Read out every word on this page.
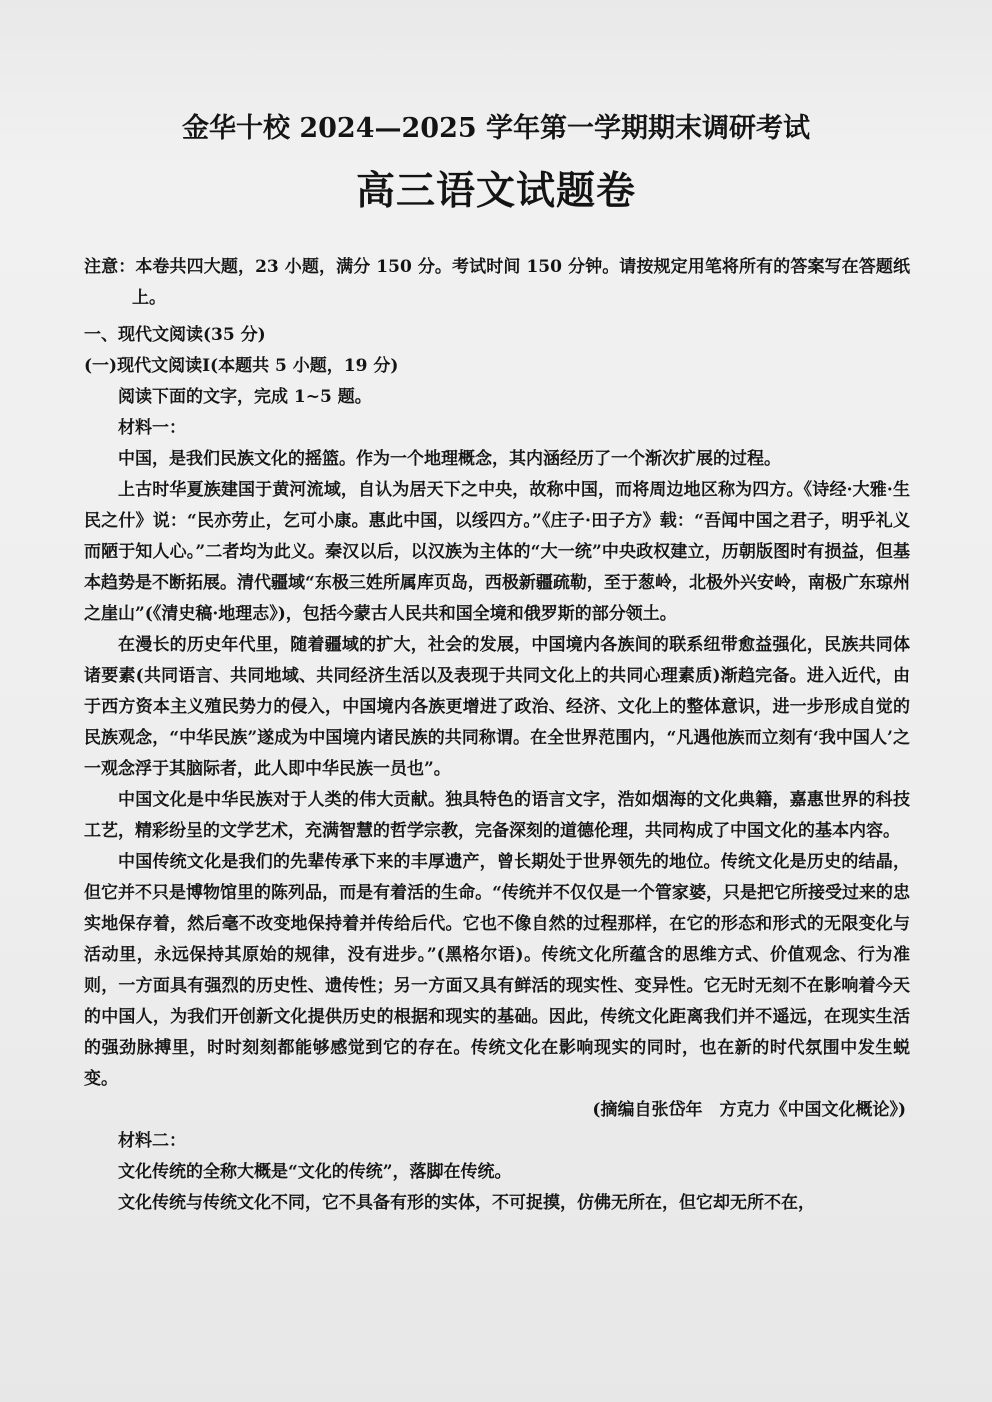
金华十校 2024—2025 学年第一学期期末调研考试
高三语文试题卷

注意：本卷共四大题，23 小题，满分 150 分。考试时间 150 分钟。请按规定用笔将所有的答案写在答题纸上。

一、现代文阅读(35 分)

(一)现代文阅读Ⅰ(本题共 5 小题，19 分)

阅读下面的文字，完成 1~5 题。

材料一：

中国，是我们民族文化的摇篮。作为一个地理概念，其内涵经历了一个渐次扩展的过程。

上古时华夏族建国于黄河流域，自认为居天下之中央，故称中国，而将周边地区称为四方。《诗经·大雅·生民之什》说：“民亦劳止，乞可小康。惠此中国，以绥四方。”《庄子·田子方》载：“吾闻中国之君子，明乎礼义而陋于知人心。”二者均为此义。秦汉以后，以汉族为主体的“大一统”中央政权建立，历朝版图时有损益，但基本趋势是不断拓展。清代疆域“东极三姓所属库页岛，西极新疆疏勒，至于葱岭，北极外兴安岭，南极广东琼州之崖山”(《清史稿·地理志》)，包括今蒙古人民共和国全境和俄罗斯的部分领土。

在漫长的历史年代里，随着疆域的扩大，社会的发展，中国境内各族间的联系纽带愈益强化，民族共同体诸要素(共同语言、共同地域、共同经济生活以及表现于共同文化上的共同心理素质)渐趋完备。进入近代，由于西方资本主义殖民势力的侵入，中国境内各族更增进了政治、经济、文化上的整体意识，进一步形成自觉的民族观念，“中华民族”遂成为中国境内诸民族的共同称谓。在全世界范围内，“凡遇他族而立刻有‘我中国人’之一观念浮于其脑际者，此人即中华民族一员也”。

中国文化是中华民族对于人类的伟大贡献。独具特色的语言文字，浩如烟海的文化典籍，嘉惠世界的科技工艺，精彩纷呈的文学艺术，充满智慧的哲学宗教，完备深刻的道德伦理，共同构成了中国文化的基本内容。

中国传统文化是我们的先辈传承下来的丰厚遗产，曾长期处于世界领先的地位。传统文化是历史的结晶，但它并不只是博物馆里的陈列品，而是有着活的生命。“传统并不仅仅是一个管家婆，只是把它所接受过来的忠实地保存着，然后毫不改变地保持着并传给后代。它也不像自然的过程那样，在它的形态和形式的无限变化与活动里，永远保持其原始的规律，没有进步。”(黑格尔语)。传统文化所蕴含的思维方式、价值观念、行为准则，一方面具有强烈的历史性、遗传性；另一方面又具有鲜活的现实性、变异性。它无时无刻不在影响着今天的中国人，为我们开创新文化提供历史的根据和现实的基础。因此，传统文化距离我们并不遥远，在现实生活的强劲脉搏里，时时刻刻都能够感觉到它的存在。传统文化在影响现实的同时，也在新的时代氛围中发生蜕变。

(摘编自张岱年　方克力《中国文化概论》)

材料二：

文化传统的全称大概是“文化的传统”，落脚在传统。

文化传统与传统文化不同，它不具备有形的实体，不可捉摸，仿佛无所在，但它却无所不在，
